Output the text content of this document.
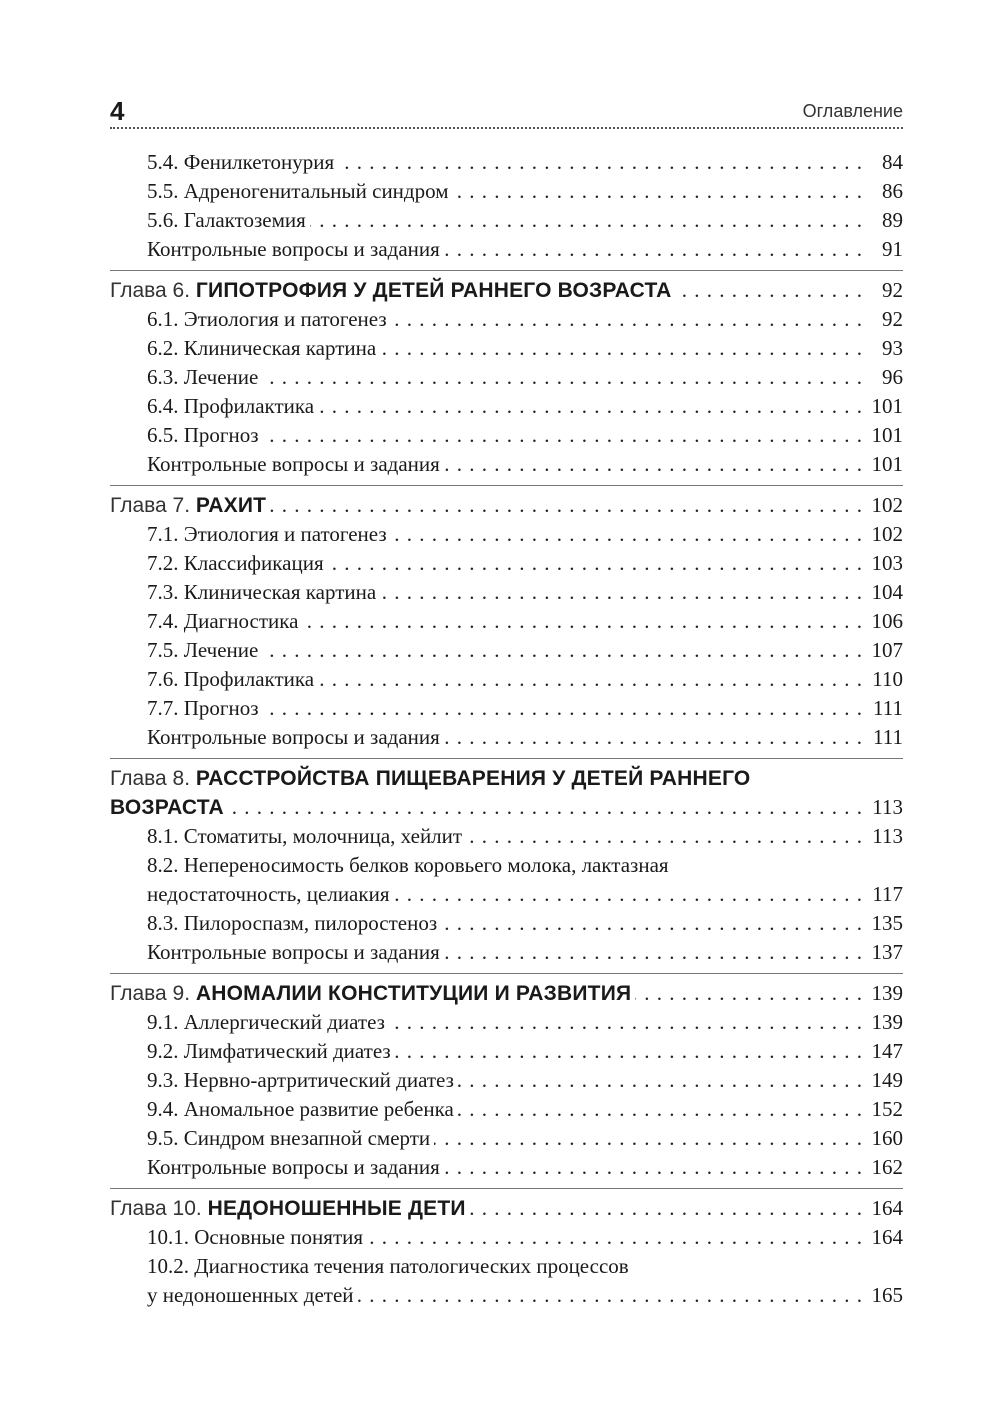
4	Оглавление
5.4. Фенилкетонурия . . .	84
5.5. Адреногенитальный синдром . . .	86
5.6. Галактоземия . . .	89
Контрольные вопросы и задания . . .	91
Глава 6. ГИПОТРОФИЯ У ДЕТЕЙ РАННЕГО ВОЗРАСТА . . .	92
6.1. Этиология и патогенез . . .	92
6.2. Клиническая картина . . .	93
6.3. Лечение . . .	96
6.4. Профилактика . . .	101
6.5. Прогноз . . .	101
Контрольные вопросы и задания . . .	101
Глава 7. РАХИТ . . .	102
7.1. Этиология и патогенез . . .	102
7.2. Классификация . . .	103
7.3. Клиническая картина . . .	104
7.4. Диагностика . . .	106
7.5. Лечение . . .	107
7.6. Профилактика . . .	110
7.7. Прогноз . . .	111
Контрольные вопросы и задания . . .	111
Глава 8. РАССТРОЙСТВА ПИЩЕВАРЕНИЯ У ДЕТЕЙ РАННЕГО
ВОЗРАСТА . . .	113
8.1. Стоматиты, молочница, хейлит . . .	113
8.2. Непереносимость белков коровьего молока, лактазная
недостаточность, целиакия . . .	117
8.3. Пилороспазм, пилоростеноз . . .	135
Контрольные вопросы и задания . . .	137
Глава 9. АНОМАЛИИ КОНСТИТУЦИИ И РАЗВИТИЯ . . .	139
9.1. Аллергический диатез . . .	139
9.2. Лимфатический диатез . . .	147
9.3. Нервно-артритический диатез . . .	149
9.4. Аномальное развитие ребенка . . .	152
9.5. Синдром внезапной смерти . . .	160
Контрольные вопросы и задания . . .	162
Глава 10. НЕДОНОШЕННЫЕ ДЕТИ . . .	164
10.1. Основные понятия . . .	164
10.2. Диагностика течения патологических процессов
у недоношенных детей . . .	165
